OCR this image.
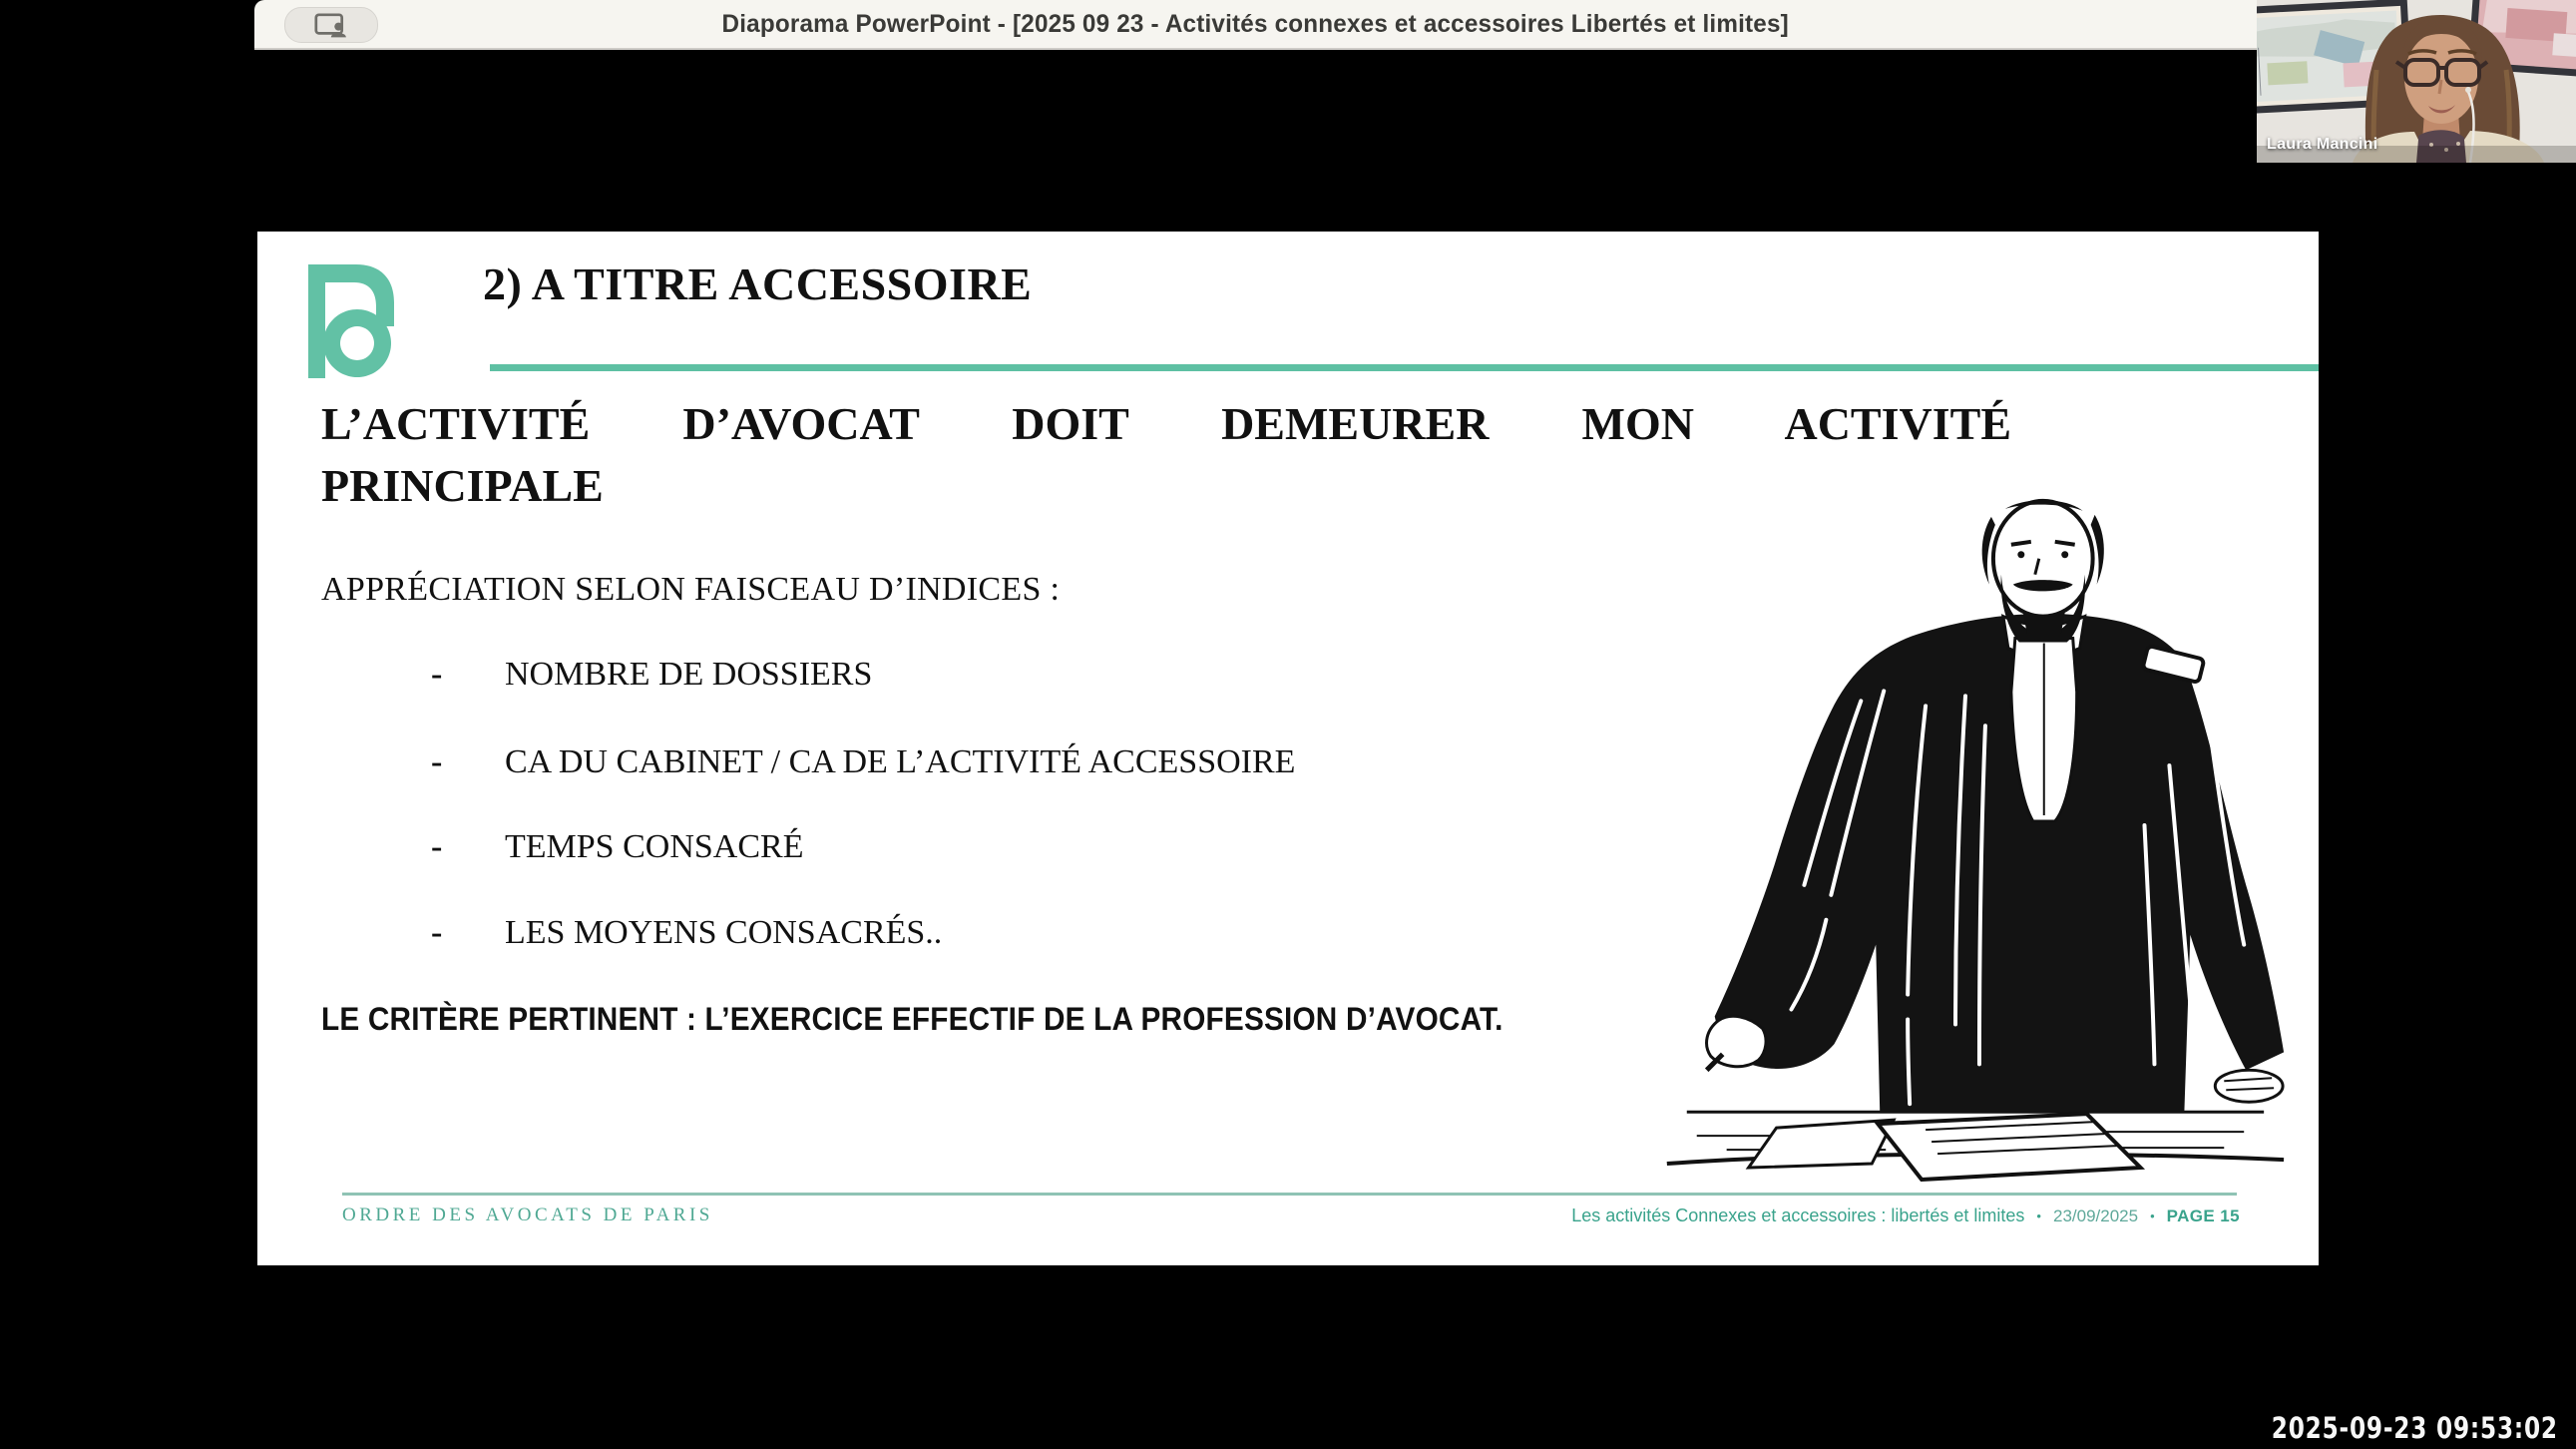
Diaporama PowerPoint - [2025 09 23 - Activités connexes et accessoires Libertés et limites]
Laura Mancini
2) A TITRE ACCESSOIRE
L’ACTIVITÉ D’AVOCAT DOIT DEMEURER MON ACTIVITÉ
PRINCIPALE
APPRÉCIATION SELON FAISCEAU D’INDICES :
- NOMBRE DE DOSSIERS
- CA DU CABINET / CA DE L’ACTIVITÉ ACCESSOIRE
- TEMPS CONSACRÉ
- LES MOYENS CONSACRÉS..
LE CRITÈRE PERTINENT : L’EXERCICE EFFECTIF DE LA PROFESSION D’AVOCAT.
ORDRE DES AVOCATS DE PARIS	Les activités Connexes et accessoires : libertés et limites • 23/09/2025 • PAGE 15
2025-09-23 09:53:02
